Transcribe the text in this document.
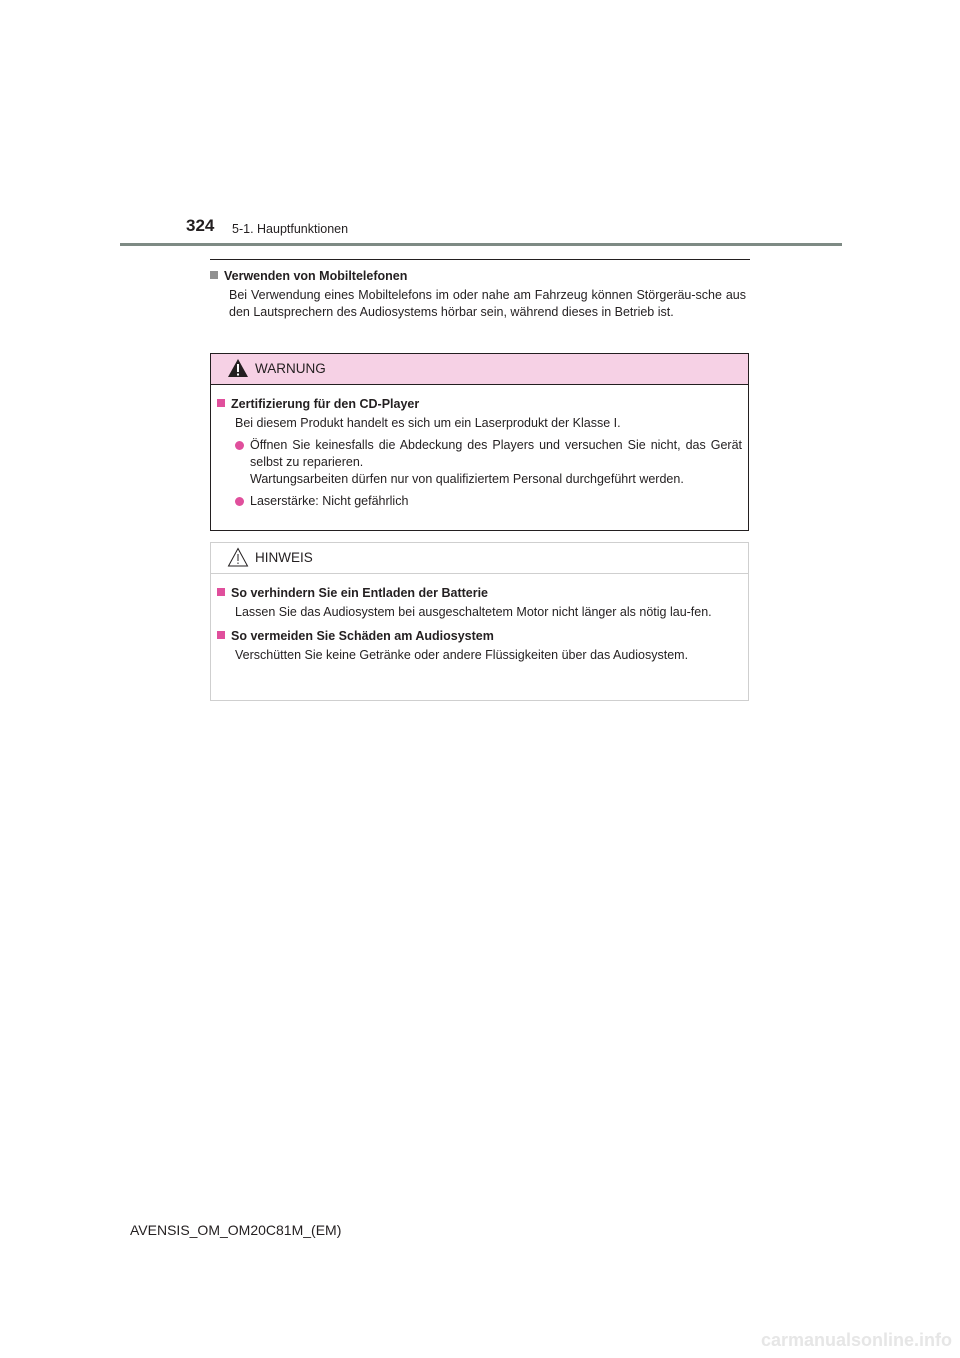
324 5-1. Hauptfunktionen
Verwenden von Mobiltelefonen
Bei Verwendung eines Mobiltelefons im oder nahe am Fahrzeug können Störgeräu-sche aus den Lautsprechern des Audiosystems hörbar sein, während dieses in Betrieb ist.
WARNUNG
Zertifizierung für den CD-Player
Bei diesem Produkt handelt es sich um ein Laserprodukt der Klasse I.
Öffnen Sie keinesfalls die Abdeckung des Players und versuchen Sie nicht, das Gerät selbst zu reparieren.
Wartungsarbeiten dürfen nur von qualifiziertem Personal durchgeführt werden.
Laserstärke: Nicht gefährlich
HINWEIS
So verhindern Sie ein Entladen der Batterie
Lassen Sie das Audiosystem bei ausgeschaltetem Motor nicht länger als nötig lau-fen.
So vermeiden Sie Schäden am Audiosystem
Verschütten Sie keine Getränke oder andere Flüssigkeiten über das Audiosystem.
AVENSIS_OM_OM20C81M_(EM)
carmanualsonline.info
